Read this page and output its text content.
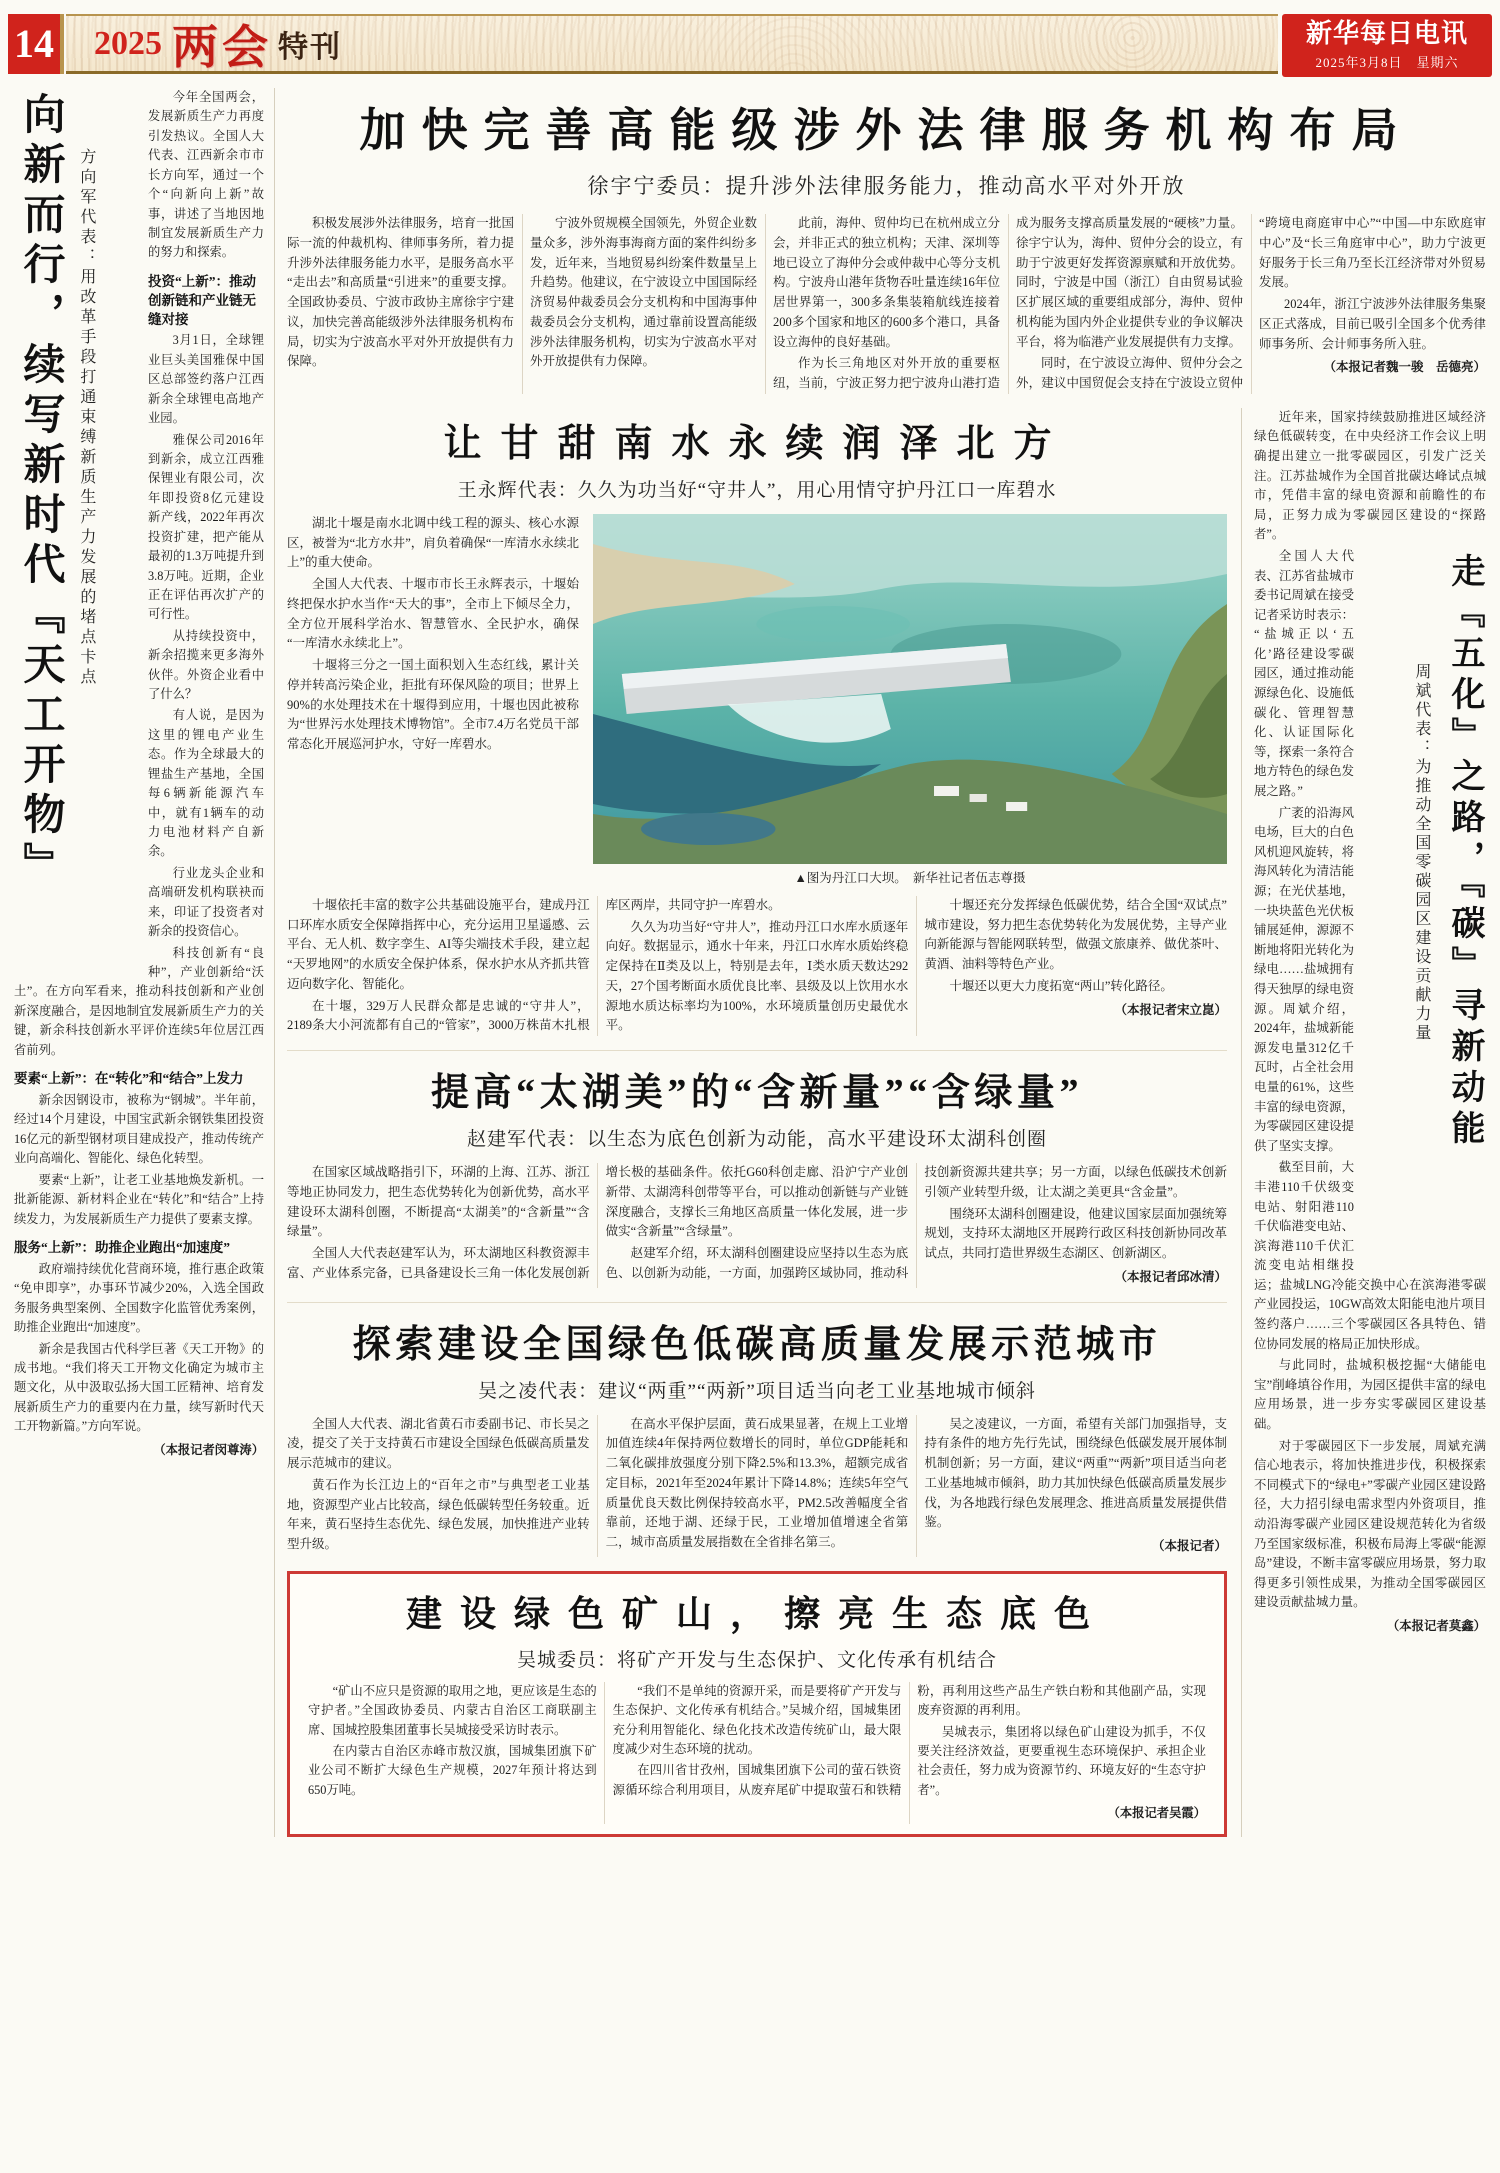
14 2025 两会 特刊	新华每日电讯
2025年3月8日　星期六
向新而行，续写新时代『天工开物』 方向军代表：用改革手段打通束缚新质生产力发展的堵点卡点

今年全国两会，发展新质生产力再度引发热议。全国人大代表、江西新余市市长方向军，通过一个个“向新向上新”故事，讲述了当地因地制宜发展新质生产力的努力和探索。

投资“上新”：推动创新链和产业链无缝对接

3月1日，全球锂业巨头美国雅保中国区总部签约落户江西新余全球锂电高地产业园。

雅保公司2016年到新余，成立江西雅保锂业有限公司，次年即投资8亿元建设新产线，2022年再次投资扩建，把产能从最初的1.3万吨提升到3.8万吨。近期，企业正在评估再次扩产的可行性。

从持续投资中，新余招揽来更多海外伙伴。外资企业看中了什么？

有人说，是因为这里的锂电产业生态。作为全球最大的锂盐生产基地，全国每6辆新能源汽车中，就有1辆车的动力电池材料产自新余。

行业龙头企业和高端研发机构联袂而来，印证了投资者对新余的投资信心。

科技创新有“良种”，产业创新给“沃土”。在方向军看来，推动科技创新和产业创新深度融合，是因地制宜发展新质生产力的关键，新余科技创新水平评价连续5年位居江西省前列。

要素“上新”：在“转化”和“结合”上发力

新余因钢设市，被称为“钢城”。半年前，经过14个月建设，中国宝武新余钢铁集团投资16亿元的新型钢材项目建成投产，推动传统产业向高端化、智能化、绿色化转型。

要素“上新”，让老工业基地焕发新机。一批新能源、新材料企业在“转化”和“结合”上持续发力，为发展新质生产力提供了要素支撑。

服务“上新”：助推企业跑出“加速度”

政府端持续优化营商环境，推行惠企政策“免申即享”，办事环节减少20%，入选全国政务服务典型案例、全国数字化监管优秀案例，助推企业跑出“加速度”。

新余是我国古代科学巨著《天工开物》的成书地。“我们将天工开物文化确定为城市主题文化，从中汲取弘扬大国工匠精神、培育发展新质生产力的重要内在力量，续写新时代天工开物新篇。”方向军说。

（本报记者闵尊涛）

加快完善高能级涉外法律服务机构布局
徐宇宁委员：提升涉外法律服务能力，推动高水平对外开放

积极发展涉外法律服务，培育一批国际一流的仲裁机构、律师事务所，着力提升涉外法律服务能力水平，是服务高水平“走出去”和高质量“引进来”的重要支撑。全国政协委员、宁波市政协主席徐宇宁建议，加快完善高能级涉外法律服务机构布局，切实为宁波高水平对外开放提供有力保障。

宁波外贸规模全国领先，外贸企业数量众多，涉外海事海商方面的案件纠纷多发，近年来，当地贸易纠纷案件数量呈上升趋势。他建议，在宁波设立中国国际经济贸易仲裁委员会分支机构和中国海事仲裁委员会分支机构，通过靠前设置高能级涉外法律服务机构，切实为宁波高水平对外开放提供有力保障。

此前，海仲、贸仲均已在杭州成立分会，并非正式的独立机构；天津、深圳等地已设立了海仲分会或仲裁中心等分支机构。宁波舟山港年货物吞吐量连续16年位居世界第一，300多条集装箱航线连接着200多个国家和地区的600多个港口，具备设立海仲的良好基础。

作为长三角地区对外开放的重要枢纽，当前，宁波正努力把宁波舟山港打造成为服务支撑高质量发展的“硬核”力量。徐宇宁认为，海仲、贸仲分会的设立，有助于宁波更好发挥资源禀赋和开放优势。同时，宁波是中国（浙江）自由贸易试验区扩展区域的重要组成部分，海仲、贸仲机构能为国内外企业提供专业的争议解决平台，将为临港产业发展提供有力支撑。

同时，在宁波设立海仲、贸仲分会之外，建议中国贸促会支持在宁波设立贸仲“跨境电商庭审中心”“中国—中东欧庭审中心”及“长三角庭审中心”，助力宁波更好服务于长三角乃至长江经济带对外贸易发展。

2024年，浙江宁波涉外法律服务集聚区正式落成，目前已吸引全国多个优秀律师事务所、会计师事务所入驻。

（本报记者魏一骏　岳德亮）

让甘甜南水永续润泽北方
王永辉代表：久久为功当好“守井人”，用心用情守护丹江口一库碧水

湖北十堰是南水北调中线工程的源头、核心水源区，被誉为“北方水井”，肩负着确保“一库清水永续北上”的重大使命。

全国人大代表、十堰市市长王永辉表示，十堰始终把保水护水当作“天大的事”，全市上下倾尽全力，全方位开展科学治水、智慧管水、全民护水，确保“一库清水永续北上”。

十堰将三分之一国土面积划入生态红线，累计关停并转高污染企业，拒批有环保风险的项目；世界上90%的水处理技术在十堰得到应用，十堰也因此被称为“世界污水处理技术博物馆”。全市7.4万名党员干部常态化开展巡河护水，守好一库碧水。

▲图为丹江口大坝。　新华社记者伍志尊摄

十堰依托丰富的数字公共基础设施平台，建成丹江口环库水质安全保障指挥中心，充分运用卫星遥感、云平台、无人机、数字孪生、AI等尖端技术手段，建立起“天罗地网”的水质安全保护体系，保水护水从齐抓共管迈向数字化、智能化。

在十堰，329万人民群众都是忠诚的“守井人”，2189条大小河流都有自己的“管家”，3000万株苗木扎根库区两岸，共同守护一库碧水。

久久为功当好“守井人”，推动丹江口水库水质逐年向好。数据显示，通水十年来，丹江口水库水质始终稳定保持在Ⅱ类及以上，特别是去年，Ⅰ类水质天数达292天，27个国考断面水质优良比率、县级及以上饮用水水源地水质达标率均为100%，水环境质量创历史最优水平。

十堰还充分发挥绿色低碳优势，结合全国“双试点”城市建设，努力把生态优势转化为发展优势，主导产业向新能源与智能网联转型，做强文旅康养、做优茶叶、黄酒、油料等特色产业。

十堰还以更大力度拓宽“两山”转化路径。

（本报记者宋立崑）

提高“太湖美”的“含新量”“含绿量”
赵建军代表：以生态为底色创新为动能，高水平建设环太湖科创圈

在国家区域战略指引下，环湖的上海、江苏、浙江等地正协同发力，把生态优势转化为创新优势，高水平建设环太湖科创圈，不断提高“太湖美”的“含新量”“含绿量”。

全国人大代表赵建军认为，环太湖地区科教资源丰富、产业体系完备，已具备建设长三角一体化发展创新增长极的基础条件。依托G60科创走廊、沿沪宁产业创新带、太湖湾科创带等平台，可以推动创新链与产业链深度融合，支撑长三角地区高质量一体化发展，进一步做实“含新量”“含绿量”。

赵建军介绍，环太湖科创圈建设应坚持以生态为底色、以创新为动能，一方面，加强跨区域协同，推动科技创新资源共建共享；另一方面，以绿色低碳技术创新引领产业转型升级，让太湖之美更具“含金量”。

围绕环太湖科创圈建设，他建议国家层面加强统筹规划，支持环太湖地区开展跨行政区科技创新协同改革试点，共同打造世界级生态湖区、创新湖区。

（本报记者邱冰清）

探索建设全国绿色低碳高质量发展示范城市
吴之凌代表：建议“两重”“两新”项目适当向老工业基地城市倾斜

全国人大代表、湖北省黄石市委副书记、市长吴之凌，提交了关于支持黄石市建设全国绿色低碳高质量发展示范城市的建议。

黄石作为长江边上的“百年之市”与典型老工业基地，资源型产业占比较高，绿色低碳转型任务较重。近年来，黄石坚持生态优先、绿色发展，加快推进产业转型升级。

在高水平保护层面，黄石成果显著，在规上工业增加值连续4年保持两位数增长的同时，单位GDP能耗和二氧化碳排放强度分别下降2.5%和13.3%，超额完成省定目标，2021年至2024年累计下降14.8%；连续5年空气质量优良天数比例保持较高水平，PM2.5改善幅度全省靠前，还地于湖、还绿于民，工业增加值增速全省第二，城市高质量发展指数在全省排名第三。

吴之凌建议，一方面，希望有关部门加强指导，支持有条件的地方先行先试，围绕绿色低碳发展开展体制机制创新；另一方面，建议“两重”“两新”项目适当向老工业基地城市倾斜，助力其加快绿色低碳高质量发展步伐，为各地践行绿色发展理念、推进高质量发展提供借鉴。

（本报记者）

建设绿色矿山，擦亮生态底色
吴城委员：将矿产开发与生态保护、文化传承有机结合

“矿山不应只是资源的取用之地，更应该是生态的守护者。”全国政协委员、内蒙古自治区工商联副主席、国城控股集团董事长吴城接受采访时表示。

在内蒙古自治区赤峰市敖汉旗，国城集团旗下矿业公司不断扩大绿色生产规模，2027年预计将达到650万吨。

“我们不是单纯的资源开采，而是要将矿产开发与生态保护、文化传承有机结合。”吴城介绍，国城集团充分利用智能化、绿色化技术改造传统矿山，最大限度减少对生态环境的扰动。

在四川省甘孜州，国城集团旗下公司的萤石铁资源循环综合利用项目，从废弃尾矿中提取萤石和铁精粉，再利用这些产品生产铁白粉和其他副产品，实现废弃资源的再利用。

吴城表示，集团将以绿色矿山建设为抓手，不仅要关注经济效益，更要重视生态环境保护、承担企业社会责任，努力成为资源节约、环境友好的“生态守护者”。

（本报记者吴霞）

近年来，国家持续鼓励推进区域经济绿色低碳转变，在中央经济工作会议上明确提出建立一批零碳园区，引发广泛关注。江苏盐城作为全国首批碳达峰试点城市，凭借丰富的绿电资源和前瞻性的布局，正努力成为零碳园区建设的“探路者”。

周斌代表：为推动全国零碳园区建设贡献力量 走『五化』之路，『碳』寻新动能

全国人大代表、江苏省盐城市委书记周斌在接受记者采访时表示：“盐城正以‘五化’路径建设零碳园区，通过推动能源绿色化、设施低碳化、管理智慧化、认证国际化等，探索一条符合地方特色的绿色发展之路。”

广袤的沿海风电场，巨大的白色风机迎风旋转，将海风转化为清洁能源；在光伏基地，一块块蓝色光伏板铺展延伸，源源不断地将阳光转化为绿电……盐城拥有得天独厚的绿电资源。周斌介绍，2024年，盐城新能源发电量312亿千瓦时，占全社会用电量的61%，这些丰富的绿电资源，为零碳园区建设提供了坚实支撑。

截至目前，大丰港110千伏级变电站、射阳港110千伏临港变电站、滨海港110千伏汇流变电站相继投运；盐城LNG冷能交换中心在滨海港零碳产业园投运，10GW高效太阳能电池片项目签约落户……三个零碳园区各具特色、错位协同发展的格局正加快形成。

与此同时，盐城积极挖掘“大储能电宝”削峰填谷作用，为园区提供丰富的绿电应用场景，进一步夯实零碳园区建设基础。

对于零碳园区下一步发展，周斌充满信心地表示，将加快推进步伐，积极探索不同模式下的“绿电+”零碳产业园区建设路径，大力招引绿电需求型内外资项目，推动沿海零碳产业园区建设规范转化为省级乃至国家级标准，积极布局海上零碳“能源岛”建设，不断丰富零碳应用场景，努力取得更多引领性成果，为推动全国零碳园区建设贡献盐城力量。

（本报记者莫鑫）
